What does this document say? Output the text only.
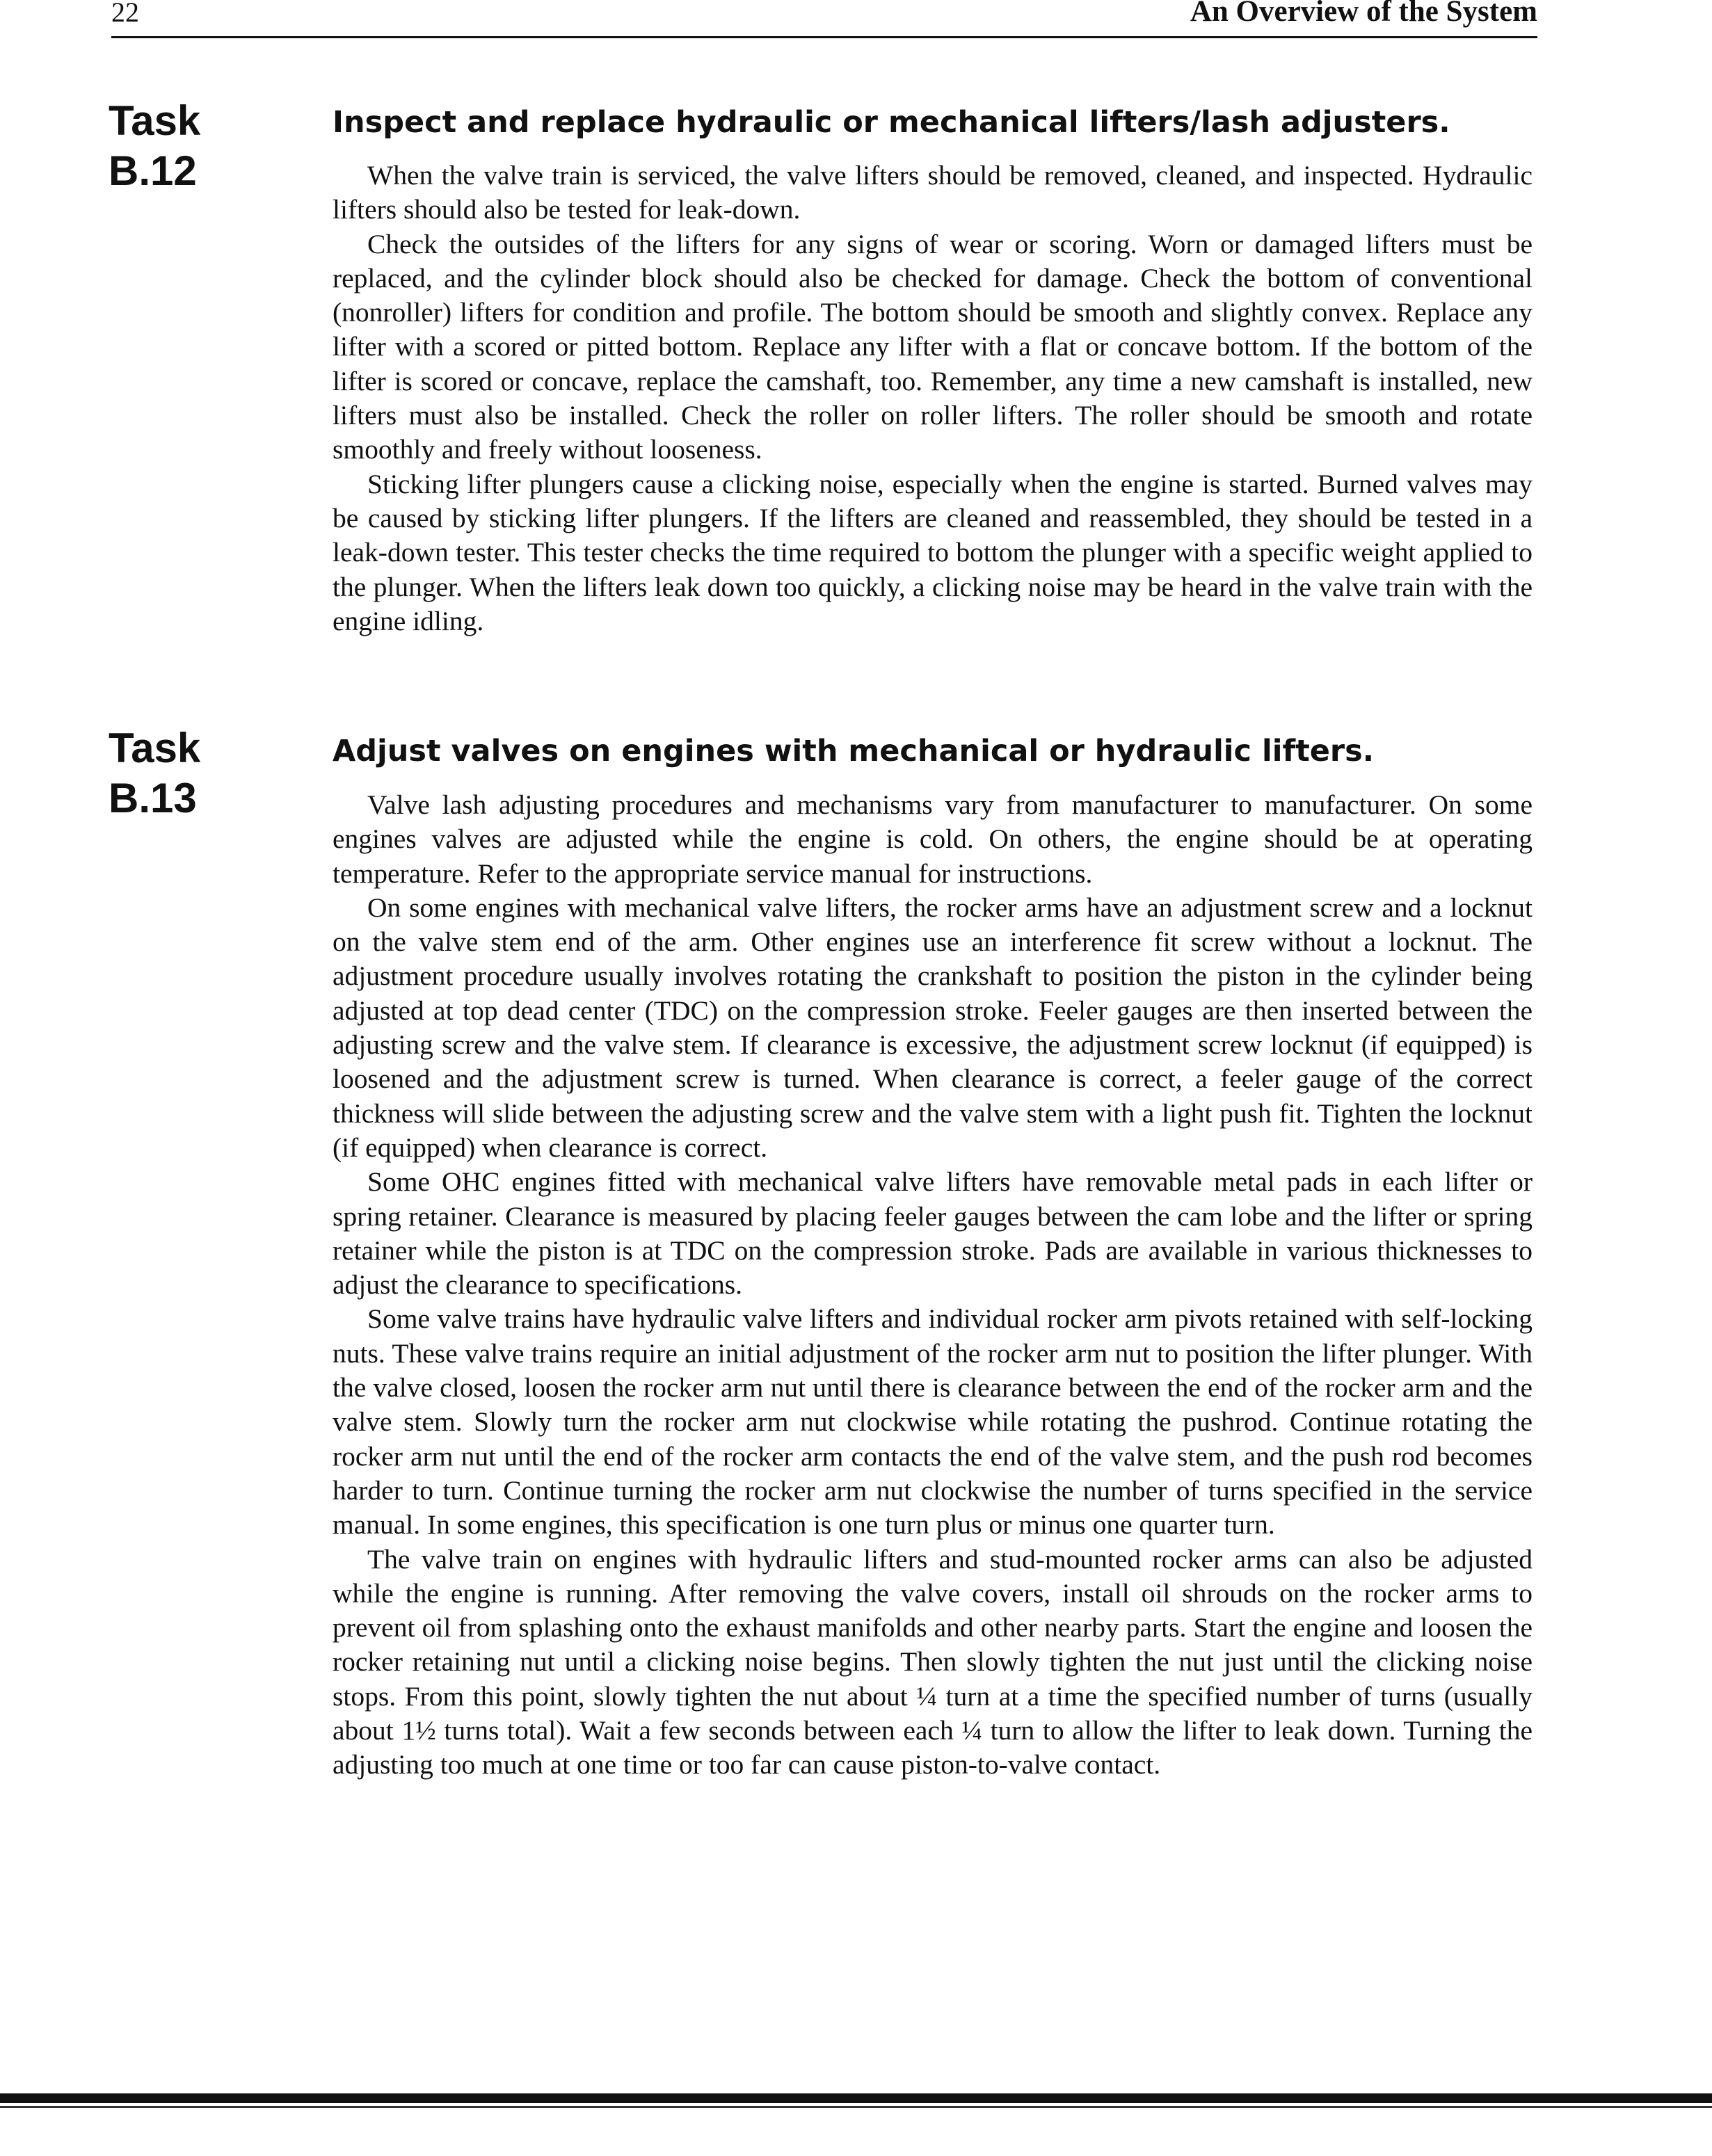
22	An Overview of the System
Task
B.12
Inspect and replace hydraulic or mechanical lifters/lash adjusters.

When the valve train is serviced, the valve lifters should be removed, cleaned, and inspected. Hydraulic lifters should also be tested for leak-down.

Check the outsides of the lifters for any signs of wear or scoring. Worn or damaged lifters must be replaced, and the cylinder block should also be checked for damage. Check the bottom of conventional (nonroller) lifters for condition and profile. The bottom should be smooth and slightly convex. Replace any lifter with a scored or pitted bottom. Replace any lifter with a flat or concave bottom. If the bottom of the lifter is scored or concave, replace the camshaft, too. Remember, any time a new camshaft is installed, new lifters must also be installed. Check the roller on roller lifters. The roller should be smooth and rotate smoothly and freely without looseness.

Sticking lifter plungers cause a clicking noise, especially when the engine is started. Burned valves may be caused by sticking lifter plungers. If the lifters are cleaned and reassembled, they should be tested in a leak-down tester. This tester checks the time required to bottom the plunger with a specific weight applied to the plunger. When the lifters leak down too quickly, a clicking noise may be heard in the valve train with the engine idling.

Task
B.13
Adjust valves on engines with mechanical or hydraulic lifters.

Valve lash adjusting procedures and mechanisms vary from manufacturer to manufacturer. On some engines valves are adjusted while the engine is cold. On others, the engine should be at operating temperature. Refer to the appropriate service manual for instructions.

On some engines with mechanical valve lifters, the rocker arms have an adjustment screw and a locknut on the valve stem end of the arm. Other engines use an interference fit screw without a locknut. The adjustment procedure usually involves rotating the crankshaft to position the piston in the cylinder being adjusted at top dead center (TDC) on the compression stroke. Feeler gauges are then inserted between the adjusting screw and the valve stem. If clearance is excessive, the adjustment screw locknut (if equipped) is loosened and the adjustment screw is turned. When clearance is correct, a feeler gauge of the correct thickness will slide between the adjusting screw and the valve stem with a light push fit. Tighten the locknut (if equipped) when clearance is correct.

Some OHC engines fitted with mechanical valve lifters have removable metal pads in each lifter or spring retainer. Clearance is measured by placing feeler gauges between the cam lobe and the lifter or spring retainer while the piston is at TDC on the compression stroke. Pads are available in various thicknesses to adjust the clearance to specifications.

Some valve trains have hydraulic valve lifters and individual rocker arm pivots retained with self-locking nuts. These valve trains require an initial adjustment of the rocker arm nut to position the lifter plunger. With the valve closed, loosen the rocker arm nut until there is clearance between the end of the rocker arm and the valve stem. Slowly turn the rocker arm nut clockwise while rotating the pushrod. Continue rotating the rocker arm nut until the end of the rocker arm contacts the end of the valve stem, and the push rod becomes harder to turn. Continue turning the rocker arm nut clockwise the number of turns specified in the service manual. In some engines, this specification is one turn plus or minus one quarter turn.

The valve train on engines with hydraulic lifters and stud-mounted rocker arms can also be adjusted while the engine is running. After removing the valve covers, install oil shrouds on the rocker arms to prevent oil from splashing onto the exhaust manifolds and other nearby parts. Start the engine and loosen the rocker retaining nut until a clicking noise begins. Then slowly tighten the nut just until the clicking noise stops. From this point, slowly tighten the nut about ¼ turn at a time the specified number of turns (usually about 1½ turns total). Wait a few seconds between each ¼ turn to allow the lifter to leak down. Turning the adjusting too much at one time or too far can cause piston-to-valve contact.
